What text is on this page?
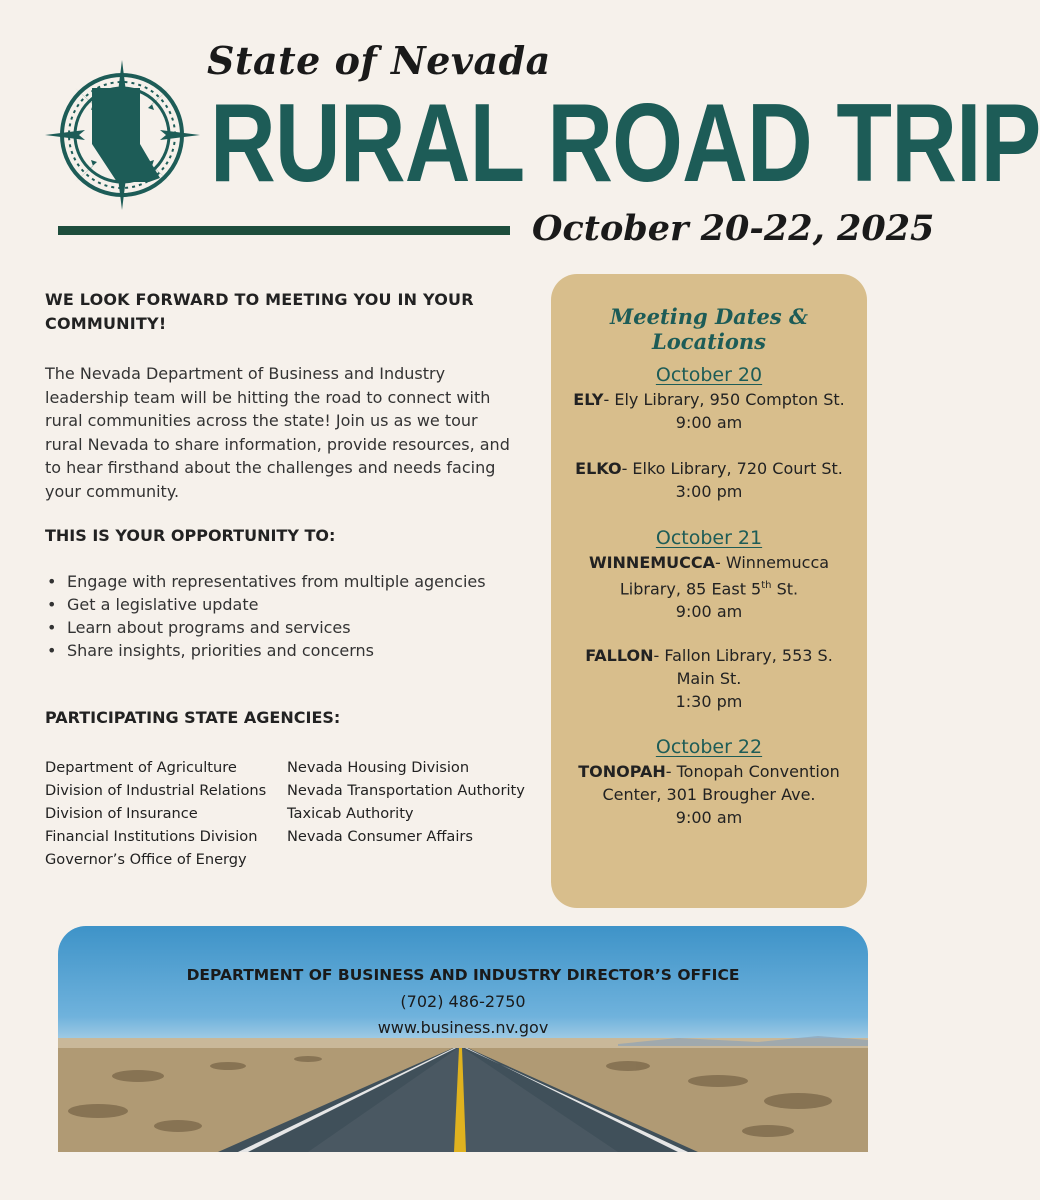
State of Nevada
RURAL ROAD TRIP
October 20-22, 2025
WE LOOK FORWARD TO MEETING YOU IN YOUR COMMUNITY!
The Nevada Department of Business and Industry leadership team will be hitting the road to connect with rural communities across the state! Join us as we tour rural Nevada to share information, provide resources, and to hear firsthand about the challenges and needs facing your community.
THIS IS YOUR OPPORTUNITY TO:
• Engage with representatives from multiple agencies
• Get a legislative update
• Learn about programs and services
• Share insights, priorities and concerns
PARTICIPATING STATE AGENCIES:
Department of Agriculture
Division of Industrial Relations
Division of Insurance
Financial Institutions Division
Governor’s Office of Energy
Nevada Housing Division
Nevada Transportation Authority
Taxicab Authority
Nevada Consumer Affairs
Meeting Dates & Locations
October 20
ELY- Ely Library, 950 Compton St.
9:00 am
ELKO- Elko Library, 720 Court St.
3:00 pm
October 21
WINNEMUCCA- Winnemucca Library, 85 East 5th St.
9:00 am
FALLON- Fallon Library, 553 S. Main St.
1:30 pm
October 22
TONOPAH- Tonopah Convention Center, 301 Brougher Ave.
9:00 am
DEPARTMENT OF BUSINESS AND INDUSTRY DIRECTOR’S OFFICE
(702) 486-2750
www.business.nv.gov
